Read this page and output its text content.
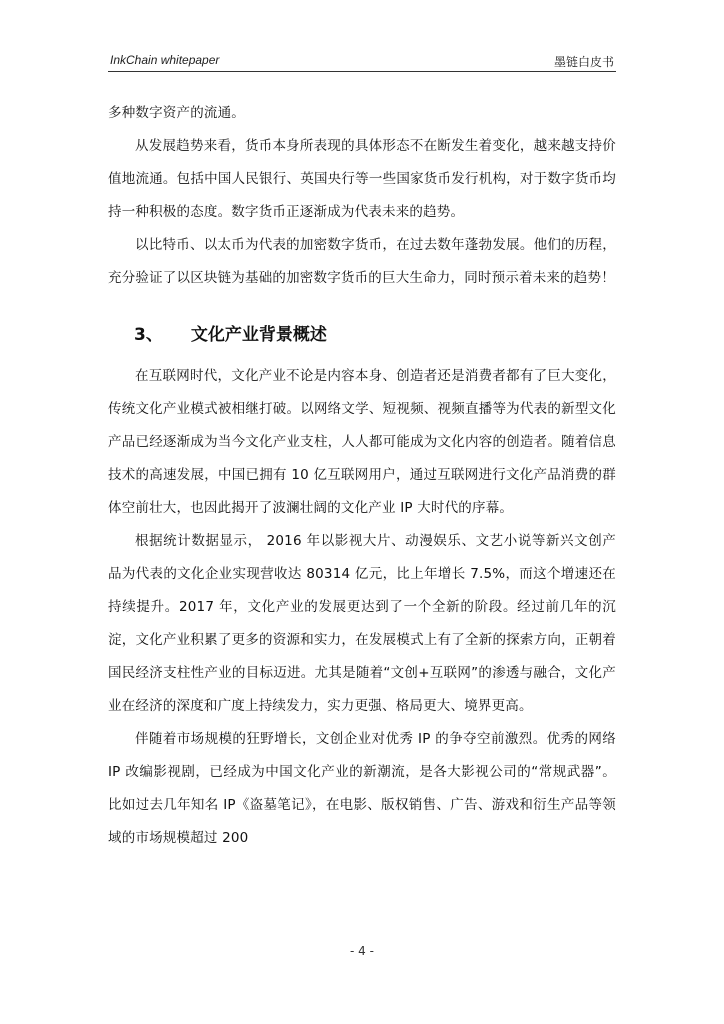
InkChain whitepaper	墨链白皮书

多种数字资产的流通。

从发展趋势来看，货币本身所表现的具体形态不在断发生着变化，越来越支持价值地流通。包括中国人民银行、英国央行等一些国家货币发行机构，对于数字货币均持一种积极的态度。数字货币正逐渐成为代表未来的趋势。

以比特币、以太币为代表的加密数字货币，在过去数年蓬勃发展。他们的历程，充分验证了以区块链为基础的加密数字货币的巨大生命力，同时预示着未来的趋势！

3、 文化产业背景概述

在互联网时代，文化产业不论是内容本身、创造者还是消费者都有了巨大变化，传统文化产业模式被相继打破。以网络文学、短视频、视频直播等为代表的新型文化产品已经逐渐成为当今文化产业支柱，人人都可能成为文化内容的创造者。随着信息技术的高速发展，中国已拥有 10 亿互联网用户，通过互联网进行文化产品消费的群体空前壮大，也因此揭开了波澜壮阔的文化产业 IP 大时代的序幕。

根据统计数据显示， 2016 年以影视大片、动漫娱乐、文艺小说等新兴文创产品为代表的文化企业实现营收达 80314 亿元，比上年增长 7.5%，而这个增速还在持续提升。2017 年，文化产业的发展更达到了一个全新的阶段。经过前几年的沉淀，文化产业积累了更多的资源和实力，在发展模式上有了全新的探索方向，正朝着国民经济支柱性产业的目标迈进。尤其是随着“文创+互联网”的渗透与融合，文化产业在经济的深度和广度上持续发力，实力更强、格局更大、境界更高。

伴随着市场规模的狂野增长，文创企业对优秀 IP 的争夺空前激烈。优秀的网络 IP 改编影视剧，已经成为中国文化产业的新潮流，是各大影视公司的“常规武器”。比如过去几年知名 IP《盗墓笔记》，在电影、版权销售、广告、游戏和衍生产品等领域的市场规模超过 200

- 4 -
